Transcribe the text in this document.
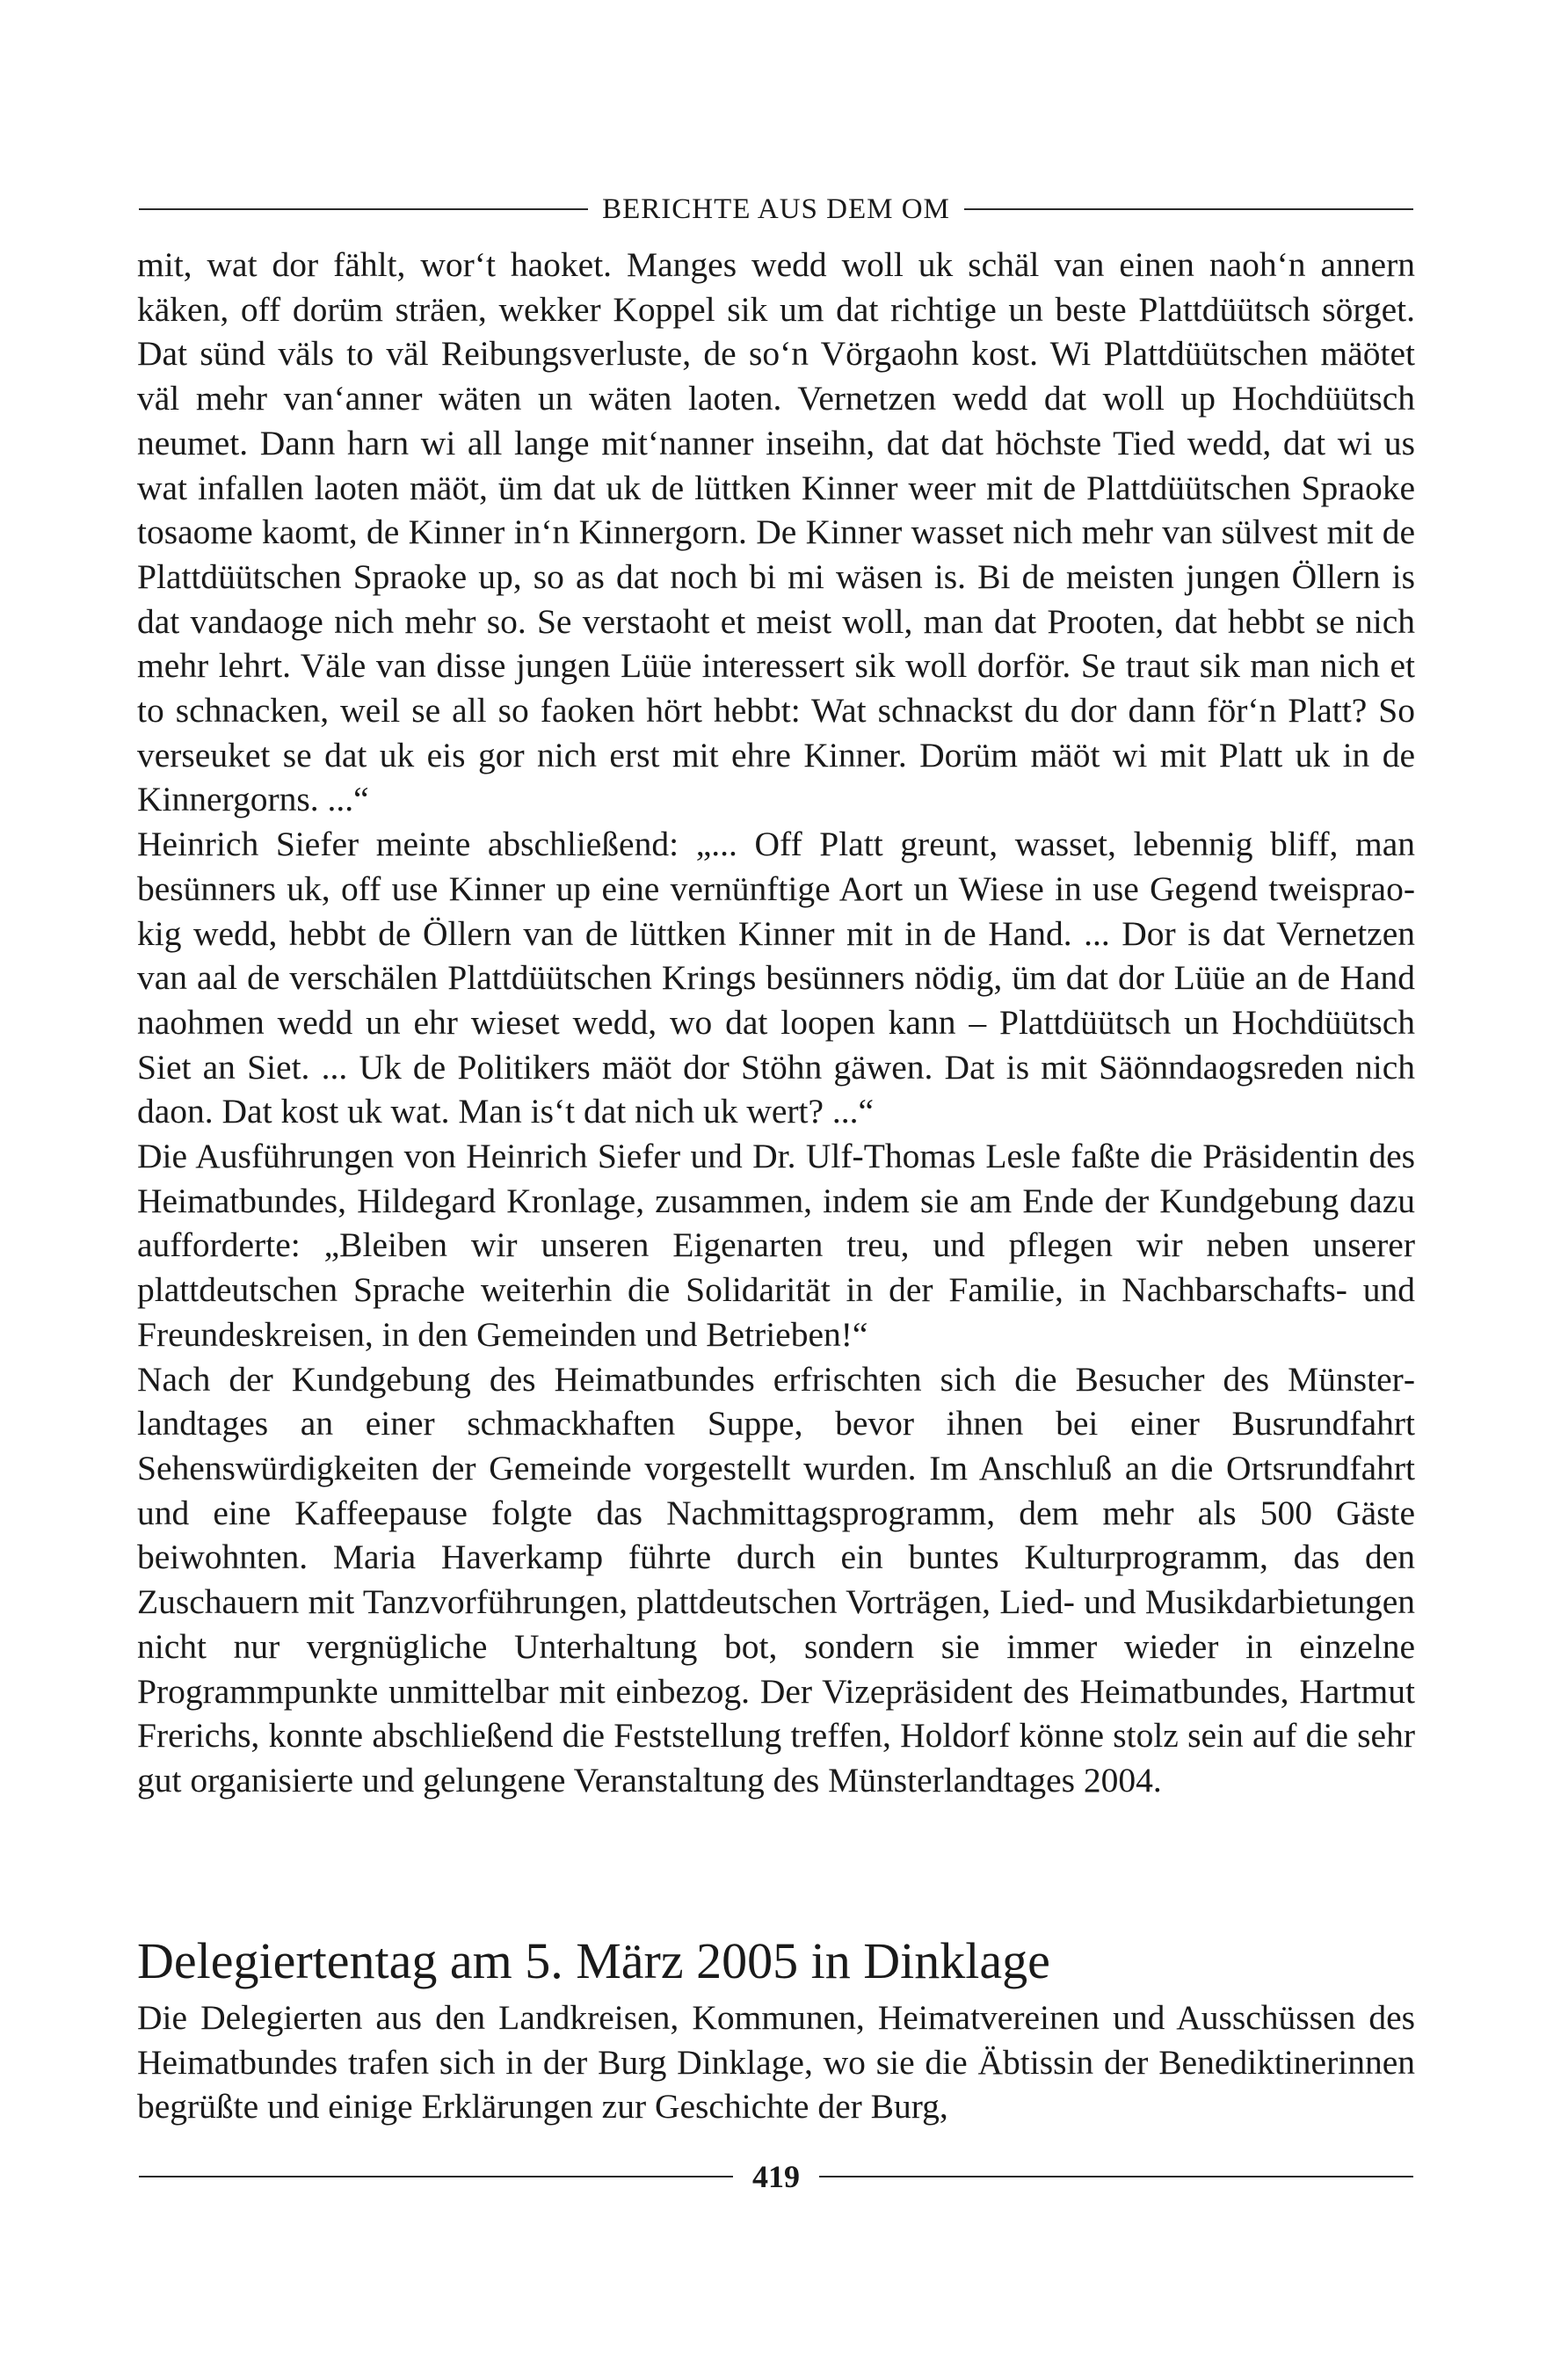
BERICHTE AUS DEM OM

mit, wat dor fählt, wor‘t haoket. Manges wedd woll uk schäl van einen naoh‘n annern käken, off dorüm sträen, wekker Koppel sik um dat richtige un beste Plattdüütsch sörget. Dat sünd väls to väl Reibungsverluste, de so‘n Vörgaohn kost. Wi Plattdüütschen mäötet väl mehr van‘anner wäten un wäten laoten. Vernetzen wedd dat woll up Hochdüütsch neumet. Dann harn wi all lange mit‘nanner inseihn, dat dat höchste Tied wedd, dat wi us wat infallen laoten mäöt, üm dat uk de lüttken Kinner weer mit de Plattdüütschen Spraoke tosaome kaomt, de Kinner in‘n Kinnergorn. De Kinner wasset nich mehr van sülvest mit de Plattdüütschen Spraoke up, so as dat noch bi mi wäsen is. Bi de meisten jungen Öllern is dat vandaoge nich mehr so. Se verstaoht et meist woll, man dat Prooten, dat hebbt se nich mehr lehrt. Väle van disse jungen Lüüe interessert sik woll dorför. Se traut sik man nich et to schnacken, weil se all so faoken hört hebbt: Wat schnackst du dor dann för‘n Platt? So verseuket se dat uk eis gor nich erst mit ehre Kinner. Dorüm mäöt wi mit Platt uk in de Kinnergorns. ...“

Heinrich Siefer meinte abschließend: „... Off Platt greunt, wasset, lebennig bliff, man besünners uk, off use Kinner up eine vernünftige Aort un Wiese in use Gegend tweispraokig wedd, hebbt de Öllern van de lüttken Kinner mit in de Hand. ... Dor is dat Vernetzen van aal de verschälen Plattdüütschen Krings besünners nödig, üm dat dor Lüüe an de Hand naohmen wedd un ehr wieset wedd, wo dat loopen kann – Plattdüütsch un Hochdüütsch Siet an Siet. ... Uk de Politikers mäöt dor Stöhn gäwen. Dat is mit Säönndaogsreden nich daon. Dat kost uk wat. Man is‘t dat nich uk wert? ...“

Die Ausführungen von Heinrich Siefer und Dr. Ulf-Thomas Lesle faßte die Präsidentin des Heimatbundes, Hildegard Kronlage, zusammen, indem sie am Ende der Kundgebung dazu aufforderte: „Bleiben wir unseren Eigenarten treu, und pflegen wir neben unserer plattdeutschen Sprache weiterhin die Solidarität in der Familie, in Nachbarschafts- und Freundeskreisen, in den Gemeinden und Betrieben!“

Nach der Kundgebung des Heimatbundes erfrischten sich die Besucher des Münsterlandtages an einer schmackhaften Suppe, bevor ihnen bei einer Busrundfahrt Sehenswürdigkeiten der Gemeinde vorgestellt wurden. Im Anschluß an die Ortsrundfahrt und eine Kaffeepause folgte das Nachmittagsprogramm, dem mehr als 500 Gäste beiwohnten. Maria Haverkamp führte durch ein buntes Kulturprogramm, das den Zuschauern mit Tanzvorführungen, plattdeutschen Vorträgen, Lied- und Musikdarbietungen nicht nur vergnügliche Unterhaltung bot, sondern sie immer wieder in einzelne Programmpunkte unmittelbar mit einbezog. Der Vizepräsident des Heimatbundes, Hartmut Frerichs, konnte abschließend die Feststellung treffen, Holdorf könne stolz sein auf die sehr gut organisierte und gelungene Veranstaltung des Münsterlandtages 2004.

Delegiertentag am 5. März 2005 in Dinklage

Die Delegierten aus den Landkreisen, Kommunen, Heimatvereinen und Ausschüssen des Heimatbundes trafen sich in der Burg Dinklage, wo sie die Äbtissin der Benediktinerinnen begrüßte und einige Erklärungen zur Geschichte der Burg,

419
